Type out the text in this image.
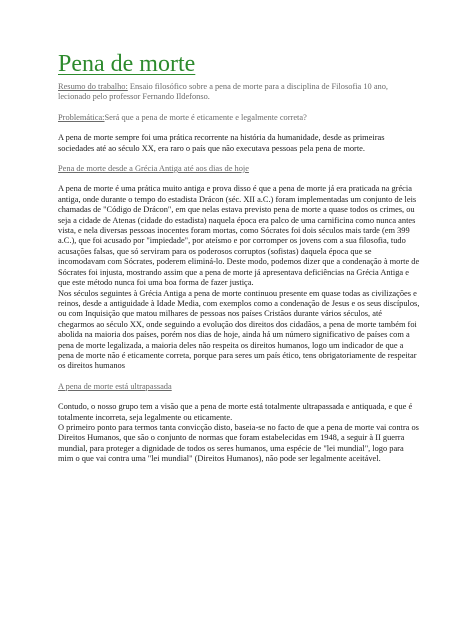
Pena de morte

Resumo do trabalho: Ensaio filosófico sobre a pena de morte para a disciplina de Filosofia 10 ano, lecionado pelo professor Fernando Ildefonso.

Problemática:Será que a pena de morte é eticamente e legalmente correta?

A pena de morte sempre foi uma prática recorrente na história da humanidade, desde as primeiras sociedades até ao século XX, era raro o país que não executava pessoas pela pena de morte.

Pena de morte desde a Grécia Antiga até aos dias de hoje

A pena de morte é uma prática muito antiga e prova disso é que a pena de morte já era praticada na grécia antiga, onde durante o tempo do estadista Drácon (séc. XII a.C.) foram implementadas um conjunto de leis chamadas de "Código de Drácon", em que nelas estava previsto pena de morte a quase todos os crimes, ou seja a cidade de Atenas (cidade do estadista) naquela época era palco de uma carnificina como nunca antes vista, e nela diversas pessoas inocentes foram mortas, como Sócrates foi dois séculos mais tarde (em 399 a.C.), que foi acusado por "impiedade", por ateísmo e por corromper os jovens com a sua filosofia, tudo acusações falsas, que só serviram para os poderosos corruptos (sofistas) daquela época que se incomodavam com Sócrates, poderem eliminá-lo. Deste modo, podemos dizer que a condenação à morte de Sócrates foi injusta, mostrando assim que a pena de morte já apresentava deficiências na Grécia Antiga e que este método nunca foi uma boa forma de fazer justiça.

Nos séculos seguintes à Grécia Antiga a pena de morte continuou presente em quase todas as civilizações e reinos, desde a antiguidade à Idade Media, com exemplos como a condenação de Jesus e os seus discípulos, ou com Inquisição que matou milhares de pessoas nos países Cristãos durante vários séculos, até chegarmos ao século XX, onde seguindo a evolução dos direitos dos cidadãos, a pena de morte também foi abolida na maioria dos países, porém nos dias de hoje, ainda há um número significativo de países com a pena de morte legalizada, a maioria deles não respeita os direitos humanos, logo um indicador de que a pena de morte não é eticamente correta, porque para seres um país ético, tens obrigatoriamente de respeitar os direitos humanos

A pena de morte está ultrapassada

Contudo, o nosso grupo tem a visão que a pena de morte está totalmente ultrapassada e antiquada, e que é totalmente incorreta, seja legalmente ou eticamente.

O primeiro ponto para termos tanta convicção disto, baseia-se no facto de que a pena de morte vai contra os Direitos Humanos, que são o conjunto de normas que foram estabelecidas em 1948, a seguir à II guerra mundial, para proteger a dignidade de todos os seres humanos, uma espécie de "lei mundial", logo para mim o que vai contra uma "lei mundial" (Direitos Humanos), não pode ser legalmente aceitável.
